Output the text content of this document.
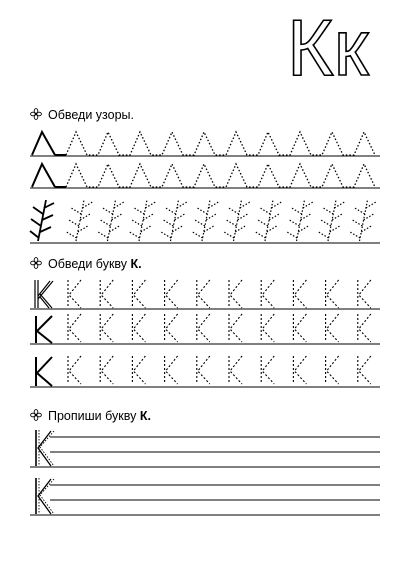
Кк
Обведи узоры.
Обведи букву К.
Пропиши букву К.
